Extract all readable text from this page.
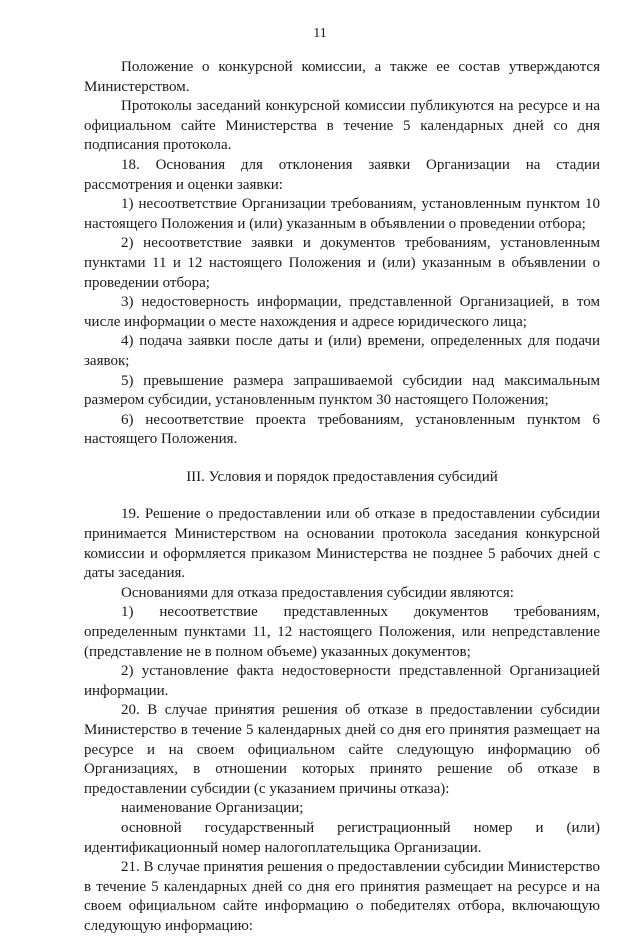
11

Положение о конкурсной комиссии, а также ее состав утверждаются Министерством.

Протоколы заседаний конкурсной комиссии публикуются на ресурсе и на официальном сайте Министерства в течение 5 календарных дней со дня подписания протокола.

18. Основания для отклонения заявки Организации на стадии рассмотрения и оценки заявки:

1) несоответствие Организации требованиям, установленным пунктом 10 настоящего Положения и (или) указанным в объявлении о проведении отбора;

2) несоответствие заявки и документов требованиям, установленным пунктами 11 и 12 настоящего Положения и (или) указанным в объявлении о проведении отбора;

3) недостоверность информации, представленной Организацией, в том числе информации о месте нахождения и адресе юридического лица;

4) подача заявки после даты и (или) времени, определенных для подачи заявок;

5) превышение размера запрашиваемой субсидии над максимальным размером субсидии, установленным пунктом 30 настоящего Положения;

6) несоответствие проекта требованиям, установленным пунктом 6 настоящего Положения.

III. Условия и порядок предоставления субсидий

19. Решение о предоставлении или об отказе в предоставлении субсидии принимается Министерством на основании протокола заседания конкурсной комиссии и оформляется приказом Министерства не позднее 5 рабочих дней с даты заседания.

Основаниями для отказа предоставления субсидии являются:

1) несоответствие представленных документов требованиям, определенным пунктами 11, 12 настоящего Положения, или непредставление (представление не в полном объеме) указанных документов;

2) установление факта недостоверности представленной Организацией информации.

20. В случае принятия решения об отказе в предоставлении субсидии Министерство в течение 5 календарных дней со дня его принятия размещает на ресурсе и на своем официальном сайте следующую информацию об Организациях, в отношении которых принято решение об отказе в предоставлении субсидии (с указанием причины отказа):

наименование Организации;

основной государственный регистрационный номер и (или) идентификационный номер налогоплательщика Организации.

21. В случае принятия решения о предоставлении субсидии Министерство в течение 5 календарных дней со дня его принятия размещает на ресурсе и на своем официальном сайте информацию о победителях отбора, включающую следующую информацию:
